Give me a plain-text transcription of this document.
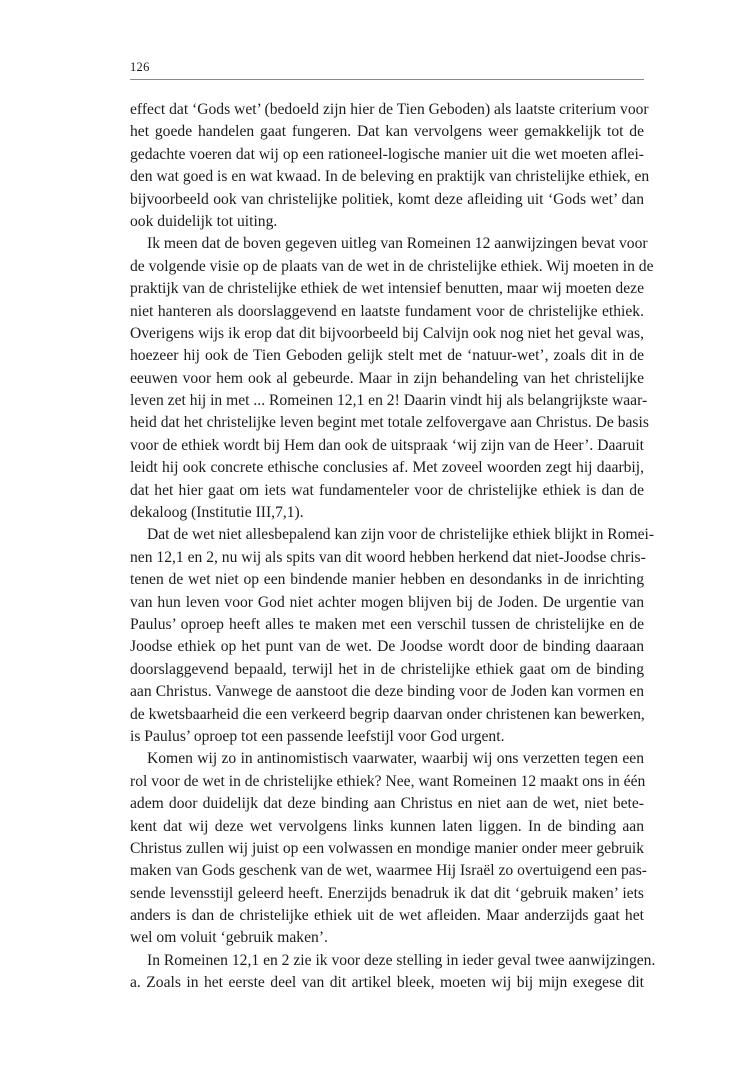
126
effect dat ‘Gods wet’ (bedoeld zijn hier de Tien Geboden) als laatste criterium voor
het goede handelen gaat fungeren. Dat kan vervolgens weer gemakkelijk tot de
gedachte voeren dat wij op een rationeel-logische manier uit die wet moeten aflei-
den wat goed is en wat kwaad. In de beleving en praktijk van christelijke ethiek, en
bijvoorbeeld ook van christelijke politiek, komt deze afleiding uit ‘Gods wet’ dan
ook duidelijk tot uiting.
Ik meen dat de boven gegeven uitleg van Romeinen 12 aanwijzingen bevat voor
de volgende visie op de plaats van de wet in de christelijke ethiek. Wij moeten in de
praktijk van de christelijke ethiek de wet intensief benutten, maar wij moeten deze
niet hanteren als doorslaggevend en laatste fundament voor de christelijke ethiek.
Overigens wijs ik erop dat dit bijvoorbeeld bij Calvijn ook nog niet het geval was,
hoezeer hij ook de Tien Geboden gelijk stelt met de ‘natuur-wet’, zoals dit in de
eeuwen voor hem ook al gebeurde. Maar in zijn behandeling van het christelijke
leven zet hij in met ... Romeinen 12,1 en 2! Daarin vindt hij als belangrijkste waar-
heid dat het christelijke leven begint met totale zelfovergave aan Christus. De basis
voor de ethiek wordt bij Hem dan ook de uitspraak ‘wij zijn van de Heer’. Daaruit
leidt hij ook concrete ethische conclusies af. Met zoveel woorden zegt hij daarbij,
dat het hier gaat om iets wat fundamenteler voor de christelijke ethiek is dan de
dekaloog (Institutie III,7,1).
Dat de wet niet allesbepalend kan zijn voor de christelijke ethiek blijkt in Romei-
nen 12,1 en 2, nu wij als spits van dit woord hebben herkend dat niet-Joodse chris-
tenen de wet niet op een bindende manier hebben en desondanks in de inrichting
van hun leven voor God niet achter mogen blijven bij de Joden. De urgentie van
Paulus’ oproep heeft alles te maken met een verschil tussen de christelijke en de
Joodse ethiek op het punt van de wet. De Joodse wordt door de binding daaraan
doorslaggevend bepaald, terwijl het in de christelijke ethiek gaat om de binding
aan Christus. Vanwege de aanstoot die deze binding voor de Joden kan vormen en
de kwetsbaarheid die een verkeerd begrip daarvan onder christenen kan bewerken,
is Paulus’ oproep tot een passende leefstijl voor God urgent.
Komen wij zo in antinomistisch vaarwater, waarbij wij ons verzetten tegen een
rol voor de wet in de christelijke ethiek? Nee, want Romeinen 12 maakt ons in één
adem door duidelijk dat deze binding aan Christus en niet aan de wet, niet bete-
kent dat wij deze wet vervolgens links kunnen laten liggen. In de binding aan
Christus zullen wij juist op een volwassen en mondige manier onder meer gebruik
maken van Gods geschenk van de wet, waarmee Hij Israël zo overtuigend een pas-
sende levensstijl geleerd heeft. Enerzijds benadruk ik dat dit ‘gebruik maken’ iets
anders is dan de christelijke ethiek uit de wet afleiden. Maar anderzijds gaat het
wel om voluit ‘gebruik maken’.
In Romeinen 12,1 en 2 zie ik voor deze stelling in ieder geval twee aanwijzingen.
a. Zoals in het eerste deel van dit artikel bleek, moeten wij bij mijn exegese dit
